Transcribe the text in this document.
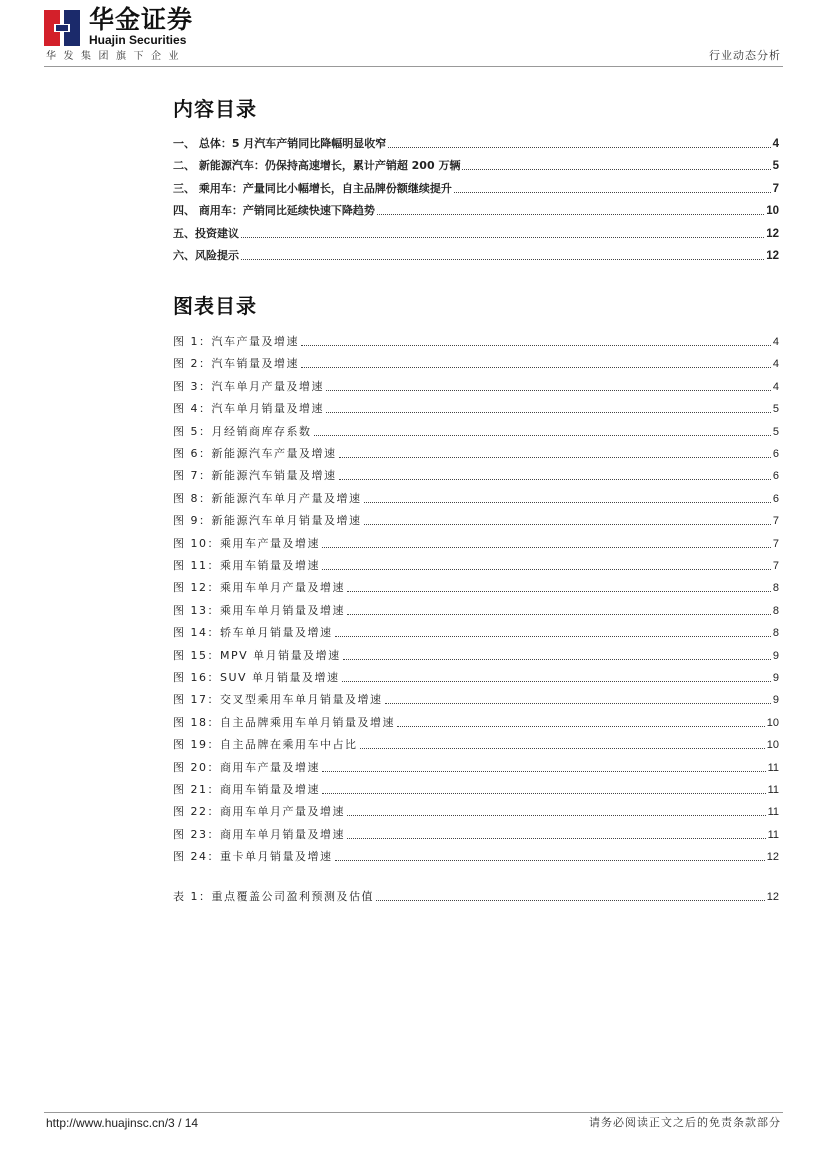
华金证券
Huajin Securities
华发集团旗下企业	行业动态分析
内容目录
一、 总体：5 月汽车产销同比降幅明显收窄	4
二、 新能源汽车：仍保持高速增长，累计产销超 200 万辆	5
三、 乘用车：产量同比小幅增长，自主品牌份额继续提升	7
四、 商用车：产销同比延续快速下降趋势	10
五、投资建议	12
六、风险提示	12
图表目录
图 1：汽车产量及增速	4
图 2：汽车销量及增速	4
图 3：汽车单月产量及增速	4
图 4：汽车单月销量及增速	5
图 5：月经销商库存系数	5
图 6：新能源汽车产量及增速	6
图 7：新能源汽车销量及增速	6
图 8：新能源汽车单月产量及增速	6
图 9：新能源汽车单月销量及增速	7
图 10：乘用车产量及增速	7
图 11：乘用车销量及增速	7
图 12：乘用车单月产量及增速	8
图 13：乘用车单月销量及增速	8
图 14：轿车单月销量及增速	8
图 15：MPV 单月销量及增速	9
图 16：SUV 单月销量及增速	9
图 17：交叉型乘用车单月销量及增速	9
图 18：自主品牌乘用车单月销量及增速	10
图 19：自主品牌在乘用车中占比	10
图 20：商用车产量及增速	11
图 21：商用车销量及增速	11
图 22：商用车单月产量及增速	11
图 23：商用车单月销量及增速	11
图 24：重卡单月销量及增速	12
表 1：重点覆盖公司盈利预测及估值	12
http://www.huajinsc.cn/3 / 14	请务必阅读正文之后的免责条款部分
